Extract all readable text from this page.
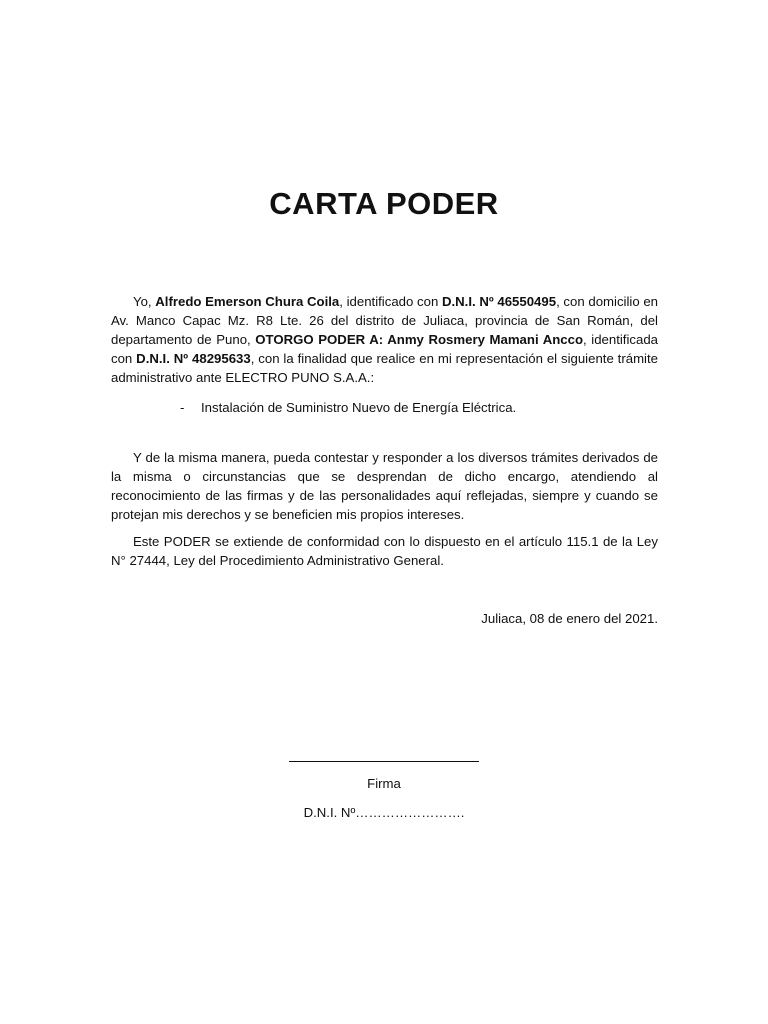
CARTA PODER

Yo, Alfredo Emerson Chura Coila, identificado con D.N.I. Nº 46550495, con domicilio en Av. Manco Capac Mz. R8 Lte. 26 del distrito de Juliaca, provincia de San Román, del departamento de Puno, OTORGO PODER A: Anmy Rosmery Mamani Ancco, identificada con D.N.I. Nº 48295633, con la finalidad que realice en mi representación el siguiente trámite administrativo ante ELECTRO PUNO S.A.A.:

- Instalación de Suministro Nuevo de Energía Eléctrica.

Y de la misma manera, pueda contestar y responder a los diversos trámites derivados de la misma o circunstancias que se desprendan de dicho encargo, atendiendo al reconocimiento de las firmas y de las personalidades aquí reflejadas, siempre y cuando se protejan mis derechos y se beneficien mis propios intereses.

Este PODER se extiende de conformidad con lo dispuesto en el artículo 115.1 de la Ley N° 27444, Ley del Procedimiento Administrativo General.

Juliaca, 08 de enero del 2021.

Firma

D.N.I. Nº…………………….
